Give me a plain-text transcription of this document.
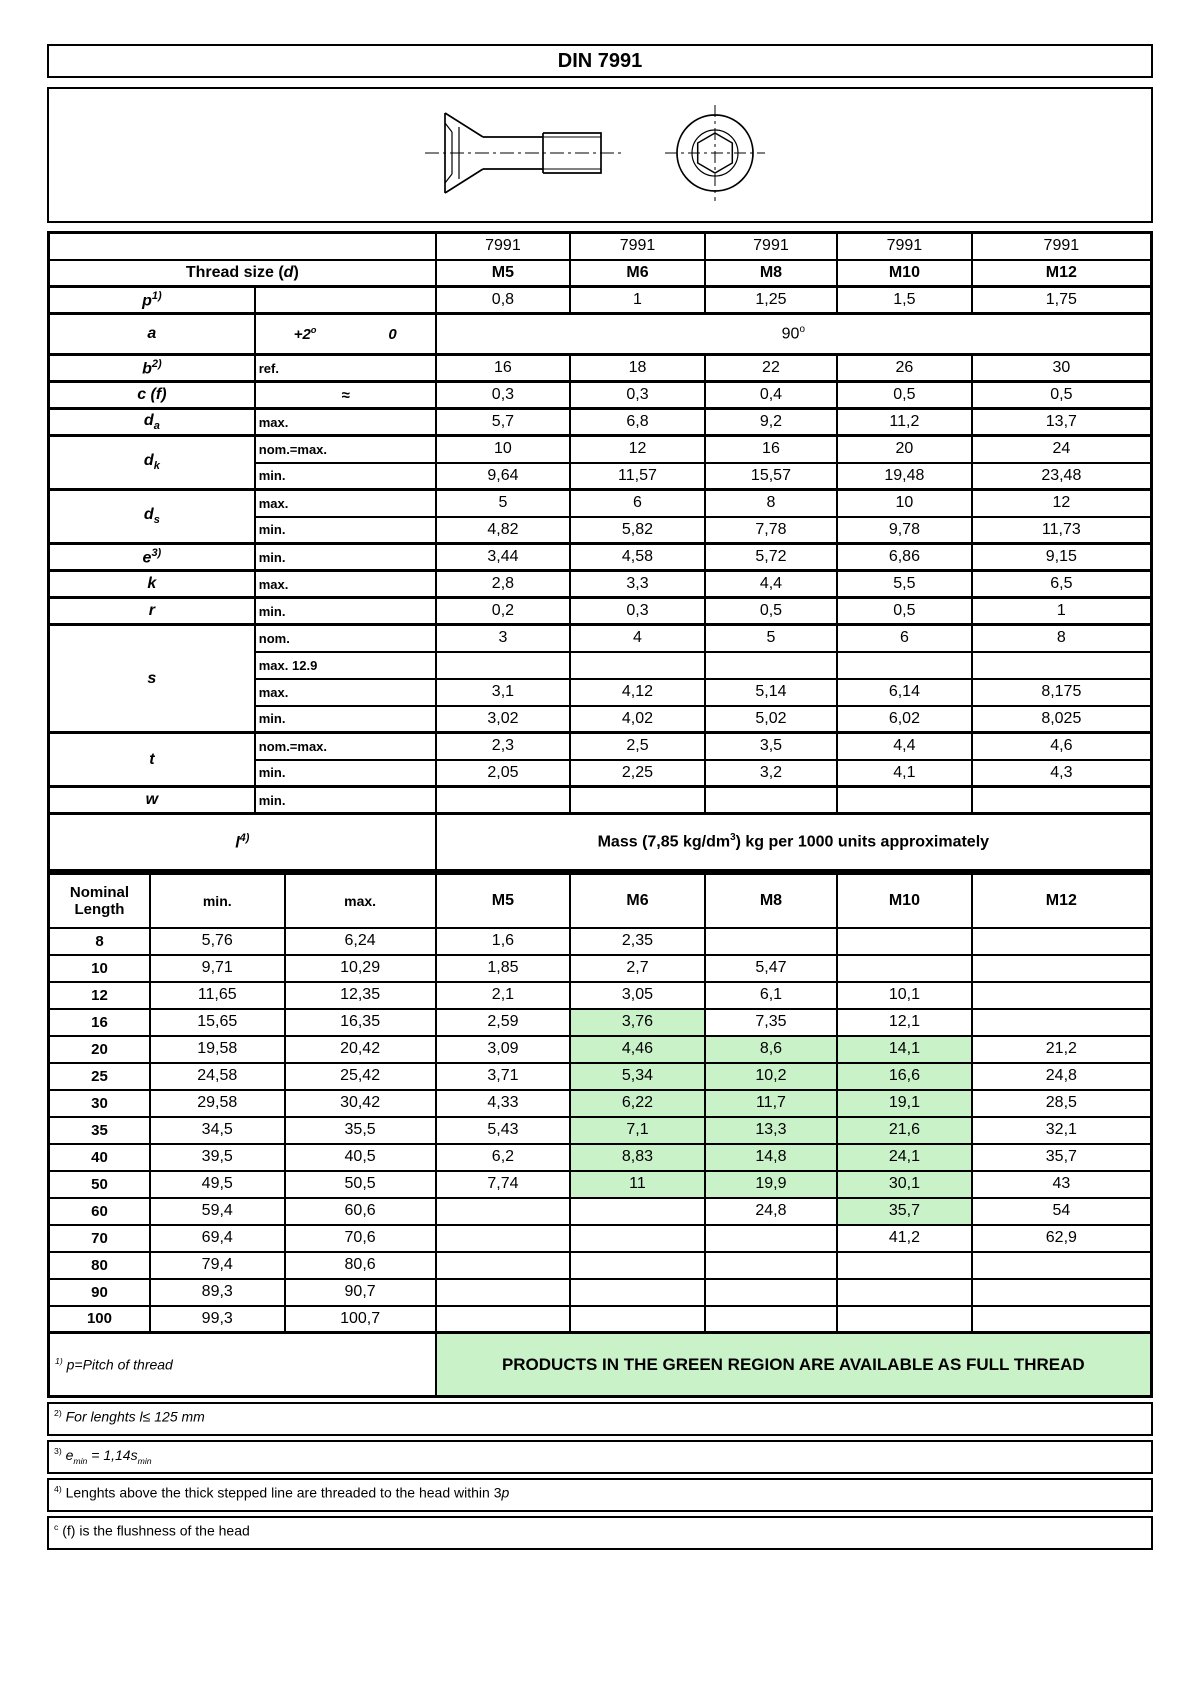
DIN 7991
		7991	7991	7991	7991	7991
Thread size (d)		M5	M6	M8	M10	M12
$p^{1)}$		0,8	1	1,25	1,5	1,75
a	$+2^o$ 0	90$^o$
$b^{2)}$	ref.	16	18	22	26	30
c (f)	≈	0,3	0,3	0,4	0,5	0,5
$d_a$	max.	5,7	6,8	9,2	11,2	13,7
$d_k$	nom.=max.	10	12	16	20	24
	min.	9,64	11,57	15,57	19,48	23,48
$d_s$	max.	5	6	8	10	12
	min.	4,82	5,82	7,78	9,78	11,73
$e^{3)}$	min.	3,44	4,58	5,72	6,86	9,15
k	max.	2,8	3,3	4,4	5,5	6,5
r	min.	0,2	0,3	0,5	0,5	1
s	nom.	3	4	5	6	8
	max. 12.9					
	max.	3,1	4,12	5,14	6,14	8,175
	min.	3,02	4,02	5,02	6,02	8,025
t	nom.=max.	2,3	2,5	3,5	4,4	4,6
	min.	2,05	2,25	3,2	4,1	4,3
w	min.					
$l^{4)}$		Mass (7,85 $kg/dm^3$) kg per 1000 units approximately				
Nominal Length	min.	max.	M5	M6	M8	M10	M12
8	5,76	6,24	1,6	2,35			
10	9,71	10,29	1,85	2,7	5,47		
12	11,65	12,35	2,1	3,05	6,1	10,1	
16	15,65	16,35	2,59	3,76	7,35	12,1	
20	19,58	20,42	3,09	4,46	8,6	14,1	21,2
25	24,58	25,42	3,71	5,34	10,2	16,6	24,8
30	29,58	30,42	4,33	6,22	11,7	19,1	28,5
35	34,5	35,5	5,43	7,1	13,3	21,6	32,1
40	39,5	40,5	6,2	8,83	14,8	24,1	35,7
50	49,5	50,5	7,74	11	19,9	30,1	43
60	59,4	60,6			24,8	35,7	54
70	69,4	70,6				41,2	62,9
80	79,4	80,6					
90	89,3	90,7					
100	99,3	100,7					
$^{1)}$ p=Pitch of thread			PRODUCTS IN THE GREEN REGION ARE AVAILABLE AS FULL THREAD				
$^{2)}$ For lenghts l≤ 125 mm
$^{3)}$ $e_{min} = 1,14s_{min}$
$^{4)}$ Lenghts above the thick stepped line are threaded to the head within 3p
$^c$ (f) is the flushness of the head
